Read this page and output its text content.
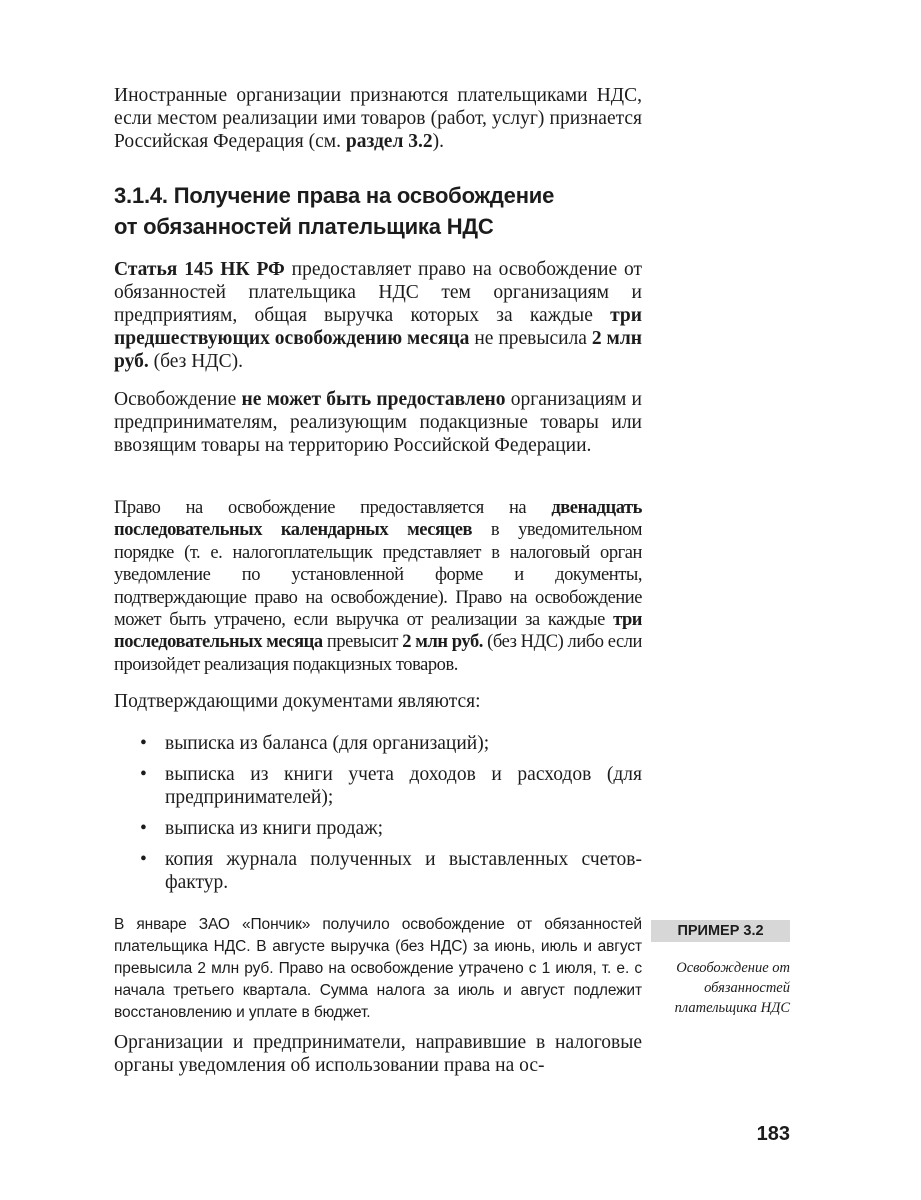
Иностранные организации признаются плательщиками НДС, если местом реализации ими товаров (работ, услуг) признается Российская Федерация (см. раздел 3.2).

3.1.4. Получение права на освобождение
от обязанностей плательщика НДС

Статья 145 НК РФ предоставляет право на освобождение от обязанностей плательщика НДС тем организациям и предприятиям, общая выручка которых за каждые три предшествующих освобождению месяца не превысила 2 млн руб. (без НДС).

Освобождение не может быть предоставлено организациям и предпринимателям, реализующим подакцизные товары или ввозящим товары на территорию Российской Федерации.

Право на освобождение предоставляется на двенадцать последовательных календарных месяцев в уведомительном порядке (т. е. налогоплательщик представляет в налоговый орган уведомление по установленной форме и документы, подтверждающие право на освобождение). Право на освобождение может быть утрачено, если выручка от реализации за каждые три последовательных месяца превысит 2 млн руб. (без НДС) либо если произойдет реализация подакцизных товаров.

Подтверждающими документами являются:

• выписка из баланса (для организаций);
• выписка из книги учета доходов и расходов (для предпринимателей);
• выписка из книги продаж;
• копия журнала полученных и выставленных счетов-фактур.

В январе ЗАО «Пончик» получило освобождение от обязанностей плательщика НДС. В августе выручка (без НДС) за июнь, июль и август превысила 2 млн руб. Право на освобождение утрачено с 1 июля, т. е. с начала третьего квартала. Сумма налога за июль и август подлежит восстановлению и уплате в бюджет.

ПРИМЕР 3.2

Освобождение от обязанностей плательщика НДС

Организации и предприниматели, направившие в налоговые органы уведомления об использовании права на ос-

183
